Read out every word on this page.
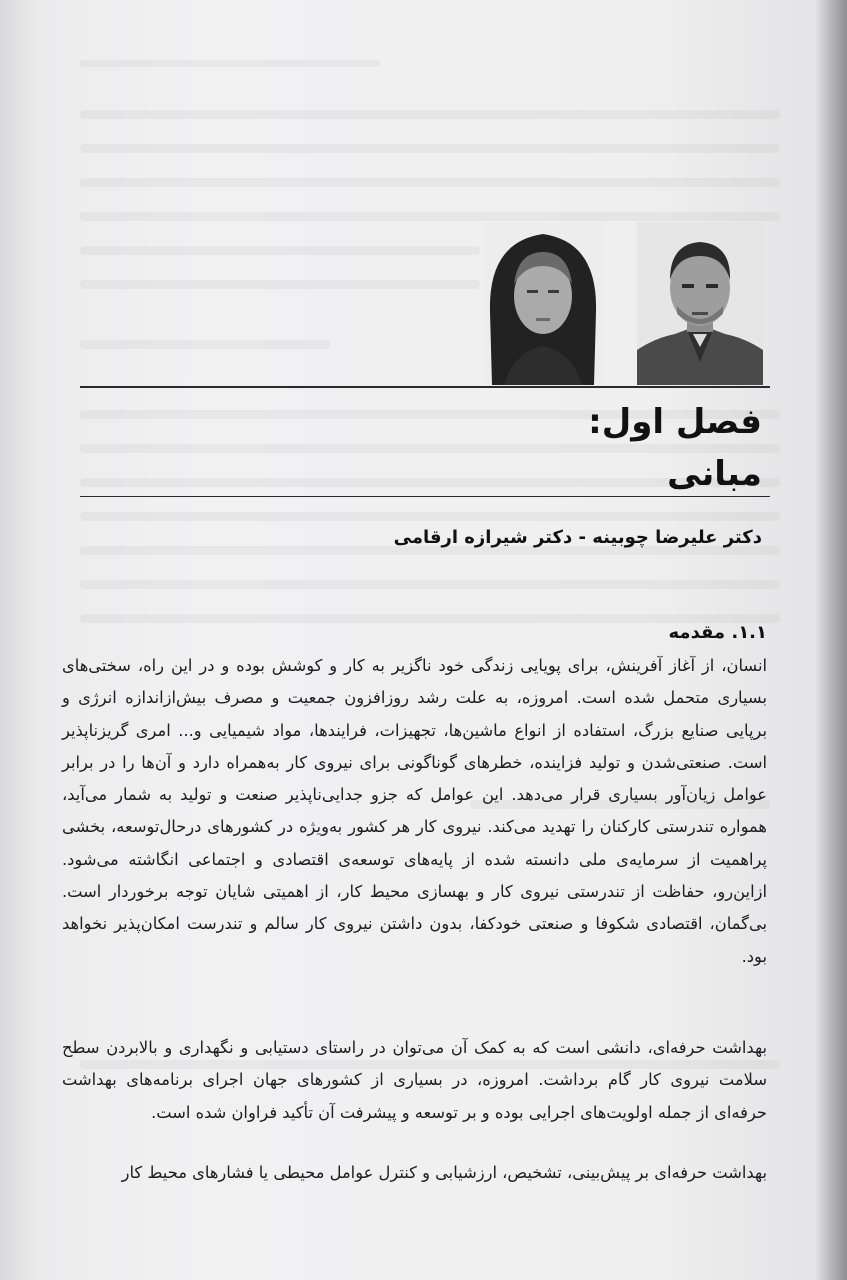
فصل اول:
مبانی
دکتر علیرضا چوبینه - دکتر شیرازه ارقامی
۱.۱. مقدمه

انسان، از آغاز آفرینش، برای پویایی زندگی خود ناگزیر به کار و کوشش بوده و در این راه، سختی‌های بسیاری متحمل شده است. امروزه، به علت رشد روزافزون جمعیت و مصرف بیش‌ازاندازه انرژی و برپایی صنایع بزرگ، استفاده از انواع ماشین‌ها، تجهیزات، فرایندها، مواد شیمیایی و... امری گریزناپذیر است. صنعتی‌شدن و تولید فزاینده، خطرهای گوناگونی برای نیروی کار به‌همراه دارد و آن‌ها را در برابر عوامل زیان‌آور بسیاری قرار می‌دهد. این عوامل که جزو جدایی‌ناپذیر صنعت و تولید به شمار می‌آید، همواره تندرستی کارکنان را تهدید می‌کند. نیروی کار هر کشور به‌ویژه در کشورهای درحال‌توسعه، بخشی پراهمیت از سرمایه‌ی ملی دانسته شده از پایه‌های توسعه‌ی اقتصادی و اجتماعی انگاشته می‌شود. ازاین‌رو، حفاظت از تندرستی نیروی کار و بهسازی محیط کار، از اهمیتی شایان توجه برخوردار است. بی‌گمان، اقتصادی شکوفا و صنعتی خودکفا، بدون داشتن نیروی کار سالم و تندرست امکان‌پذیر نخواهد بود.

بهداشت حرفه‌ای، دانشی است که به کمک آن می‌توان در راستای دستیابی و نگهداری و بالابردن سطح سلامت نیروی کار گام برداشت. امروزه، در بسیاری از کشورهای جهان اجرای برنامه‌های بهداشت حرفه‌ای از جمله اولویت‌های اجرایی بوده و بر توسعه و پیشرفت آن تأکید فراوان شده است.

بهداشت حرفه‌ای بر پیش‌بینی، تشخیص، ارزشیابی و کنترل عوامل محیطی یا فشارهای محیط کار
